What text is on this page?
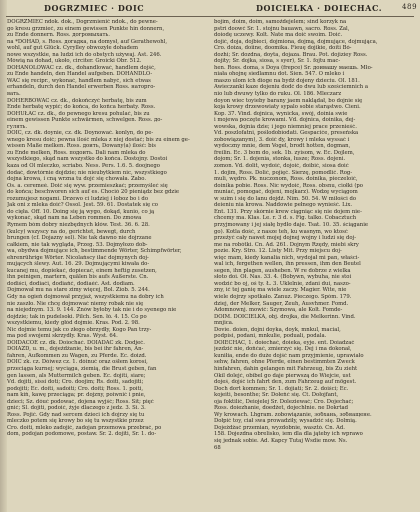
DOGRZMIEC · DOIC	DOICIELKA · DOIECHAC.	489
DOGRZMIEC ndok. dok., Dogrzmienić ndok., do pewne-
go kresu grzmieć, zu einem gewissen Punkte hin donnern,
zu Ende donnern. Ross. догромыхать.
na *DOHAD, s. Ross. догадка, na domysł, auf Gerathewohl,
wohl, auf gut Glück. Cyrylley obwozyłe dohadem
nowe wszystkie, na ludzi ich do obstych używaj. Ast. 246.
Mówią na dohad, ukoło, circiter. Groicki Obr. 512.
DOHANOLOWAĆ cz. dk., dohandlować, handlem dojść,
zu Ende handeln, den Handel aufgeben. DOHANDLO-
WAĆ się recipr., wykonać, handlem nabyć, sich etwas
erhandeln, durch den Handel erwerben Ross. наторго-
вать.
DOHERBOWAĆ cz. dk., dokończyć herbatę, bis zum
Ende herbatę wypić; do końca, do końca herbaty. Ross.
DOHUŁAĆ cz. dk., do pewnego kresu pohulać, bis zu
einem gewissen Punkte schwärmen, schwelgen. Ross. до-
гулять.
DOIĆ, cz. dk. doynie, cz. dk. Doynować. konlyn, do pe-
wnego kresu doić; pewna ilość mleka z niej dostać; bis zu einem ge-
wissen Maße melken. Ross. доить, Dowany(a) ilość: bis
zu Ende melken, Ross. подоить. Dali nam mleka do
wszystkiego, skąd nam wszystko do końca. Dostojny. Dostoi
kaza od Ol mleczko, scriabo. Ness. Pers. 1.6. 5. doojnego
dodać, dowtórnie dojdzie; nie nieubytkiem nic, wszystkiego
dojna krowa, i cną wrzna tu dojć się chowała. Zabo.
Os. a. ceremeé. Doić się wyw. przemieszkać; przemyśleć się
do końca; beschworen sich auf es. Choció 20 pieniądz bez gdzie
rozumujesz nogami. Drzewo ci ludziej i łoboz bo i do
Jak oni z mleka doić? Ossol. Jest. 59. 61. Dostatek się co
do cięła. Off. 10. Doing się ją wygo, dokąd, kunio, co ją
wykonać, skąd nam na Leben rommen. Do zmowa
Rymem bóm dobry niezbędnych kłów. Test. 36. 6. 28.
(kulcy) wszyscy na do, gerichtet, bewegt, durch
brungen (cf. Dojazny sel). Nie tak dawno nie dojrzane
całkiem, nie tak wygląda, Przeg. 53. Dojmyłozo dob-
wa, obydwa dojmujące ich, bestimmende Wörter, Schimpfwörter,
ehrenrührige Wörter. Nicolańscy iłać dojmynych doj-
mujących ślewy. Aut. 16. 29. Dojmującymi kiwała do-
kucanej mu, dopiekać, dopiecać, einem heftig zusetzen,
ihn peinigen, martern, quälen bis aufs Äußerste. Cn.
dodiści, dodiaći, dodiańć, dodiaéć. Ast. dodiam.
Dojmował mu na stare zimy więcej, Bol. Ziob. 5. 244.
Gdy na ogień dojmował przyjaź, wszystkiemu na dobry ich
nie zaszło. Nie chcę dojmować niemy robak nie się
na niejednym. 13. 9. 144. Znów byłoby tak nie i do syenego nie
dojdzie; tak in pudelsoki. Pilch. Sen. łó. 4. 15. Co po
wszystkiemu, kiedy głód dojmie. Kras. Pod. 2. 98.
Nic dojmie temu jak co złego obrzydły, Kogo Pan trzy-
ma pod swojemi skrzydły. Kras. Wyst. 64.
DOIDACÓE cz. dk. Doiochać. DOIADAĆ zk. Dodjeć.
DOIAZD, u. m., dojeżdżanie, bis bei ihr fahren, An-
fahren, Aufkommen zu Wagen, zu Pferde. Ec. doizd.
DOIC zk. cz. Dóiwez cz. 1. dóinuć oraz ośłem korosi,
przeciąga kurnej; wyciąga, ziemią, die Brust geben, fan
gen lassen, als Muttermilch geben. Ec. dojiti, siare;
Vd. dojiti, sissi doti; Cro. doojim; Rs. doiti, sadojiti;
podojiti; Ec. doiti, sadoiti; Cro. doiti; Ross. 1. poiti,
nam kiń, kawę przeciąga; pr. dojzny, poiwnić i pnie,
dzieci; Sz. dóuć podować, dojena wyjść; Ross. Sit; pięć
gnić; Sl. dojiti, podoić, żyje dlaczego z jedz. 3. Si. 3.
Ross. Pojić. Gdy nad sercem dzieci ich dojrzy się tu
mleczko potem się krowy bo się tu wszystkie przez
Cro. doiti, mleko zadojić, zadojan przemowa przebrać, po
dom, podojan podomowe, postaw. Sr. 2. dojiti, Sr. 1. do-
bojim, doim, doim, samoźdejelem; sind korzyk na
pstri doowć Sr. 1. stojnu bauawn, sacro. Ross. Zal,
doiodę uczewy. Kolt. Nate ma doić swoim. Doić.
dojić, doja, dojbieci, dojmiona, dojmą, dojmujące, dojmująca,
Cro. doiza, doiine, doomika. Fieuę dojikie, doiti Bó-
dozhi; Sr. dozdna, doyta, dojaza. Brau. Pot. dojiziey Ross.
dojity; Sr. dojka, siosa, s syer), Sr. 1. fojtu mac-
hen. Ross. doma, s Doya (frepce) Sr. доивашу маешь. Mło-
niała ohojnę siedlamnu dot. Sien. 547. Ó mleko i
maszo ulom ich dioge na bydź dojeny dzieciu. OI. 181.
Awieczanki kaze dojeniu dodć do dwu lub sześciemnich a
nio lub dwuwy tylko do ruku. Ol. 186. Mleczarz
doyon wiec toyieby barany jaem naklądał, bo dojnie się
koja krowy drzewowiaty sypalo sobie starąstwo. Cieni.
Kop. 37. Vind. dojnica, wynicka, swój, doinia swie
i mojewa poczęte krowami. Vd. dojnica, doinika, dej-
wowska, dojnia dzie; i jego niemniej prace przenieść.
Vd. poszlofatni, poślodobiodati. Gespaciće, preseńska
zobowiązanym), 3. doić dy, krowy i mleka wyssać i
wydoczny mnie, dem Vogel, brodt hotten, dogman,
freilin. Ec. 3 bom do, sek. 1b. zyisom, w. Ec. Dojlem,
dojom; Sr. 1. dojenia, stonka, łusze; Ross. dojeni.
zomon. Vd. dolit, wydoić, dojoić, doibić, siosa doić
1. dojim, Ross. Dolić, pojięć. Sierzę, pomodlić. Rog-
muli, wędro. Pk. nuczonom, Ross. doinika, pieczeloić,
doinika pobie. Ross. Nic wydoić, Ross. obsnu, ciołki (po
muniać, pomogać, dojeni, mojkarz). Wodzę wyciągom
w suim i się do lanu dojdź. Nim. 50. 54. W miłości do
deieniu nia krowa. Naddowie pełnego wynieść. Lix.
Ent. 131. Przy skórnie krew ciągniąc się nie dojem nie-
chcemy ma. Klas. Le. r. 3 d. s. Fig. talko. Cobacztuch
przyjmowany i jej siałę bydło daje. Tsat. 10. 35. ściąganie
go). Kotla dość, z nasze teh, ku wasnym, wo ktosć
przeżyć cały nawet mojej dojnej wojny i ludzi się doj-
me na robótki. Cn. Ad. 261. Dojnym Rzędy, miebi skry
pozie. Kry. Stro. 12. Listy Mit. Przy miejscu doj-
więc mam, kiedy kanalia nich, wydojał mi pan, właści-
wal ich, fergethen wellen, ihn pressen, ihm den Beutel
segen, ihn plagen, ausheben. W re dobrze z wielka
słoto doi. Oł. Nas. 33. 4. (Bobywn, wybuha, nie stoi
wodzić bo oj, oś ty. Ł. 3. Uklelnie, zdani dui, naszo-
zny, ić tej ganię ma wiele zaczy. Magier. Wite, nie
wiele dojrzy spotkało. Zanuz. Pieczego. Spóm. 179.
dziej, der Melker, Sauger, Zeuh, Ausvhmer. Fomd.
Adomnownj. mowić: Szymowa, ale Kolt. Fomde-
DOIM. DOICIELKA, obj. drojka, die Melkerinn. Vind.
mnjica.
Dovie. doien, dojni doyka, doyk, mnkul, macial,
podpisi, podani, mnkulie, poduali, podala.
DOIECHAĆ, 1. doiechać, doieka, eyje. ent. Doiadzać
jezdzić nie, dońćać, zmierzyć się. Dej i ma dokonał,
kuniłia, ende do duże dojść nam przyjmienie, uprawiało
sehw, fahren, ohne Pferde, einen bestimmten Zweck
hinfahren, dahin gelangen mit Fahrzeug, bis Zu zieht
Okil dolejć, obibel go daje pierwszą do Wiejcie, ust
dojeś, dojść ich fahrt den, zum Fahrzeug auf mögest.
Doch dort kommen; Sr. 1. dojiati; Sr. 2. doiści; Ec.
kojeiti, besonthe; Sr. Dołeńć się. Ct. Dołojfant,
oja foktilić, Deiojelej Sr. Doleziewać; Cro. Dojechać;
Ross. doiezhanie, doedżet, dojechłnie. ne Dokrtad
Wy krowach. Lhgram. zobowiązanie, зобхань, зобяащене.
Dołpić toy, ciał swa prowadziły, wysadzić się. Dolmią.
Dojeżdżać przemian, wyzdobnie, wasztó. Cn. Ad.
158. Dojezdna obrelisko, iem dla dla jąteby ich wprawo
się jednak sobie. Ad. Kapcy Tutaj Wsdie mow. Ns.
68
